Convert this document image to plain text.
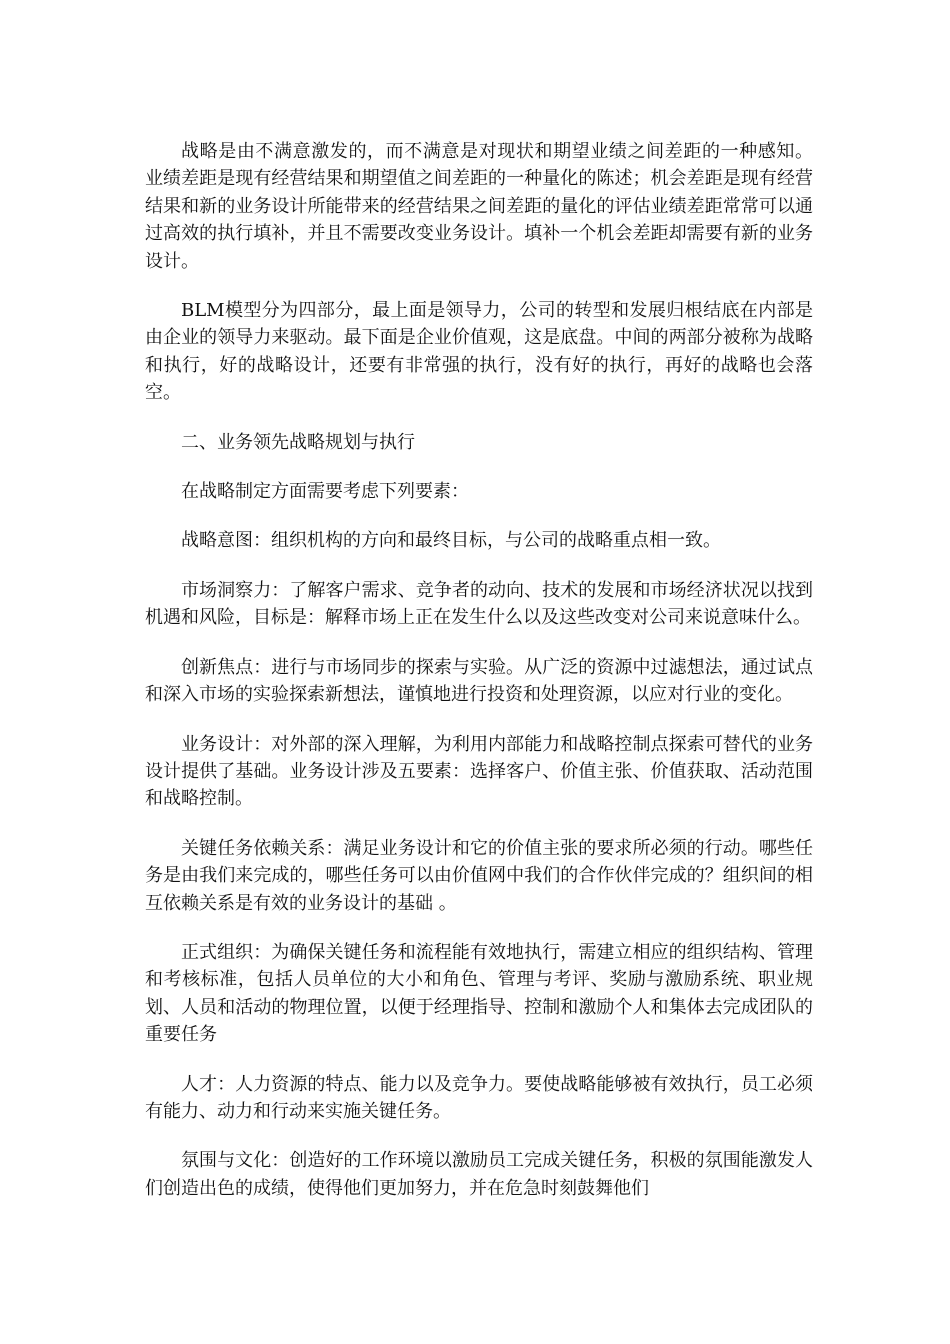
战略是由不满意激发的，而不满意是对现状和期望业绩之间差距的一种感知。 业绩差距是现有经营结果和期望值之间差距的一种量化的陈述；机会差距是现有经营结果和新的业务设计所能带来的经营结果之间差距的量化的评估业绩差距常常可以通过高效的执行填补，并且不需要改变业务设计。填补一个机会差距却需要有新的业务设计。

BLM模型分为四部分，最上面是领导力，公司的转型和发展归根结底在内部是由企业的领导力来驱动。最下面是企业价值观，这是底盘。中间的两部分被称为战略和执行，好的战略设计，还要有非常强的执行，没有好的执行，再好的战略也会落空。

二、业务领先战略规划与执行

在战略制定方面需要考虑下列要素：

战略意图：组织机构的方向和最终目标，与公司的战略重点相一致。

市场洞察力：了解客户需求、竞争者的动向、技术的发展和市场经济状况以找到机遇和风险，目标是：解释市场上正在发生什么以及这些改变对公司来说意味什么。

创新焦点：进行与市场同步的探索与实验。从广泛的资源中过滤想法，通过试点和深入市场的实验探索新想法，谨慎地进行投资和处理资源，以应对行业的变化。

业务设计：对外部的深入理解，为利用内部能力和战略控制点探索可替代的业务设计提供了基础。业务设计涉及五要素：选择客户、价值主张、价值获取、活动范围和战略控制。

关键任务依赖关系：满足业务设计和它的价值主张的要求所必须的行动。哪些任务是由我们来完成的，哪些任务可以由价值网中我们的合作伙伴完成的？组织间的相互依赖关系是有效的业务设计的基础 。

正式组织：为确保关键任务和流程能有效地执行，需建立相应的组织结构、管理和考核标准，包括人员单位的大小和角色、管理与考评、奖励与激励系统、职业规划、人员和活动的物理位置，以便于经理指导、控制和激励个人和集体去完成团队的重要任务

人才：人力资源的特点、能力以及竞争力。要使战略能够被有效执行，员工必须有能力、动力和行动来实施关键任务。

氛围与文化：创造好的工作环境以激励员工完成关键任务，积极的氛围能激发人们创造出色的成绩，使得他们更加努力，并在危急时刻鼓舞他们
